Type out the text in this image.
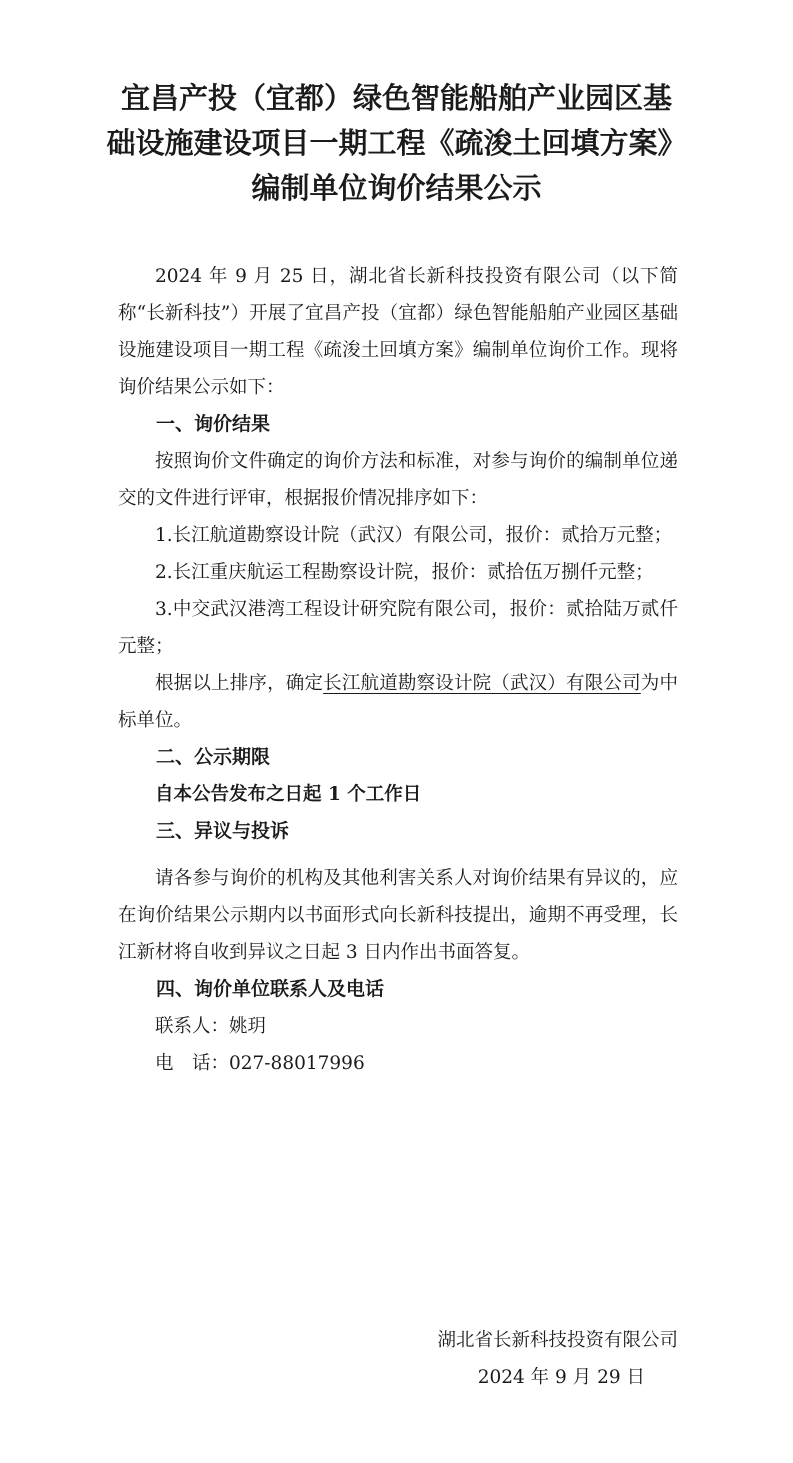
宜昌产投（宜都）绿色智能船舶产业园区基
础设施建设项目一期工程《疏浚土回填方案》
编制单位询价结果公示

2024 年 9 月 25 日，湖北省长新科技投资有限公司（以下简称“长新科技”）开展了宜昌产投（宜都）绿色智能船舶产业园区基础设施建设项目一期工程《疏浚土回填方案》编制单位询价工作。现将询价结果公示如下：

一、询价结果

按照询价文件确定的询价方法和标准，对参与询价的编制单位递交的文件进行评审，根据报价情况排序如下：

1.长江航道勘察设计院（武汉）有限公司，报价：贰拾万元整；

2.长江重庆航运工程勘察设计院，报价：贰拾伍万捌仟元整；

3.中交武汉港湾工程设计研究院有限公司，报价：贰拾陆万贰仟元整；

根据以上排序，确定长江航道勘察设计院（武汉）有限公司为中标单位。

二、公示期限

自本公告发布之日起 1 个工作日

三、异议与投诉

请各参与询价的机构及其他利害关系人对询价结果有异议的，应在询价结果公示期内以书面形式向长新科技提出，逾期不再受理，长江新材将自收到异议之日起 3 日内作出书面答复。

四、询价单位联系人及电话

联系人：姚玥

电　话：027-88017996

湖北省长新科技投资有限公司
2024 年 9 月 29 日
